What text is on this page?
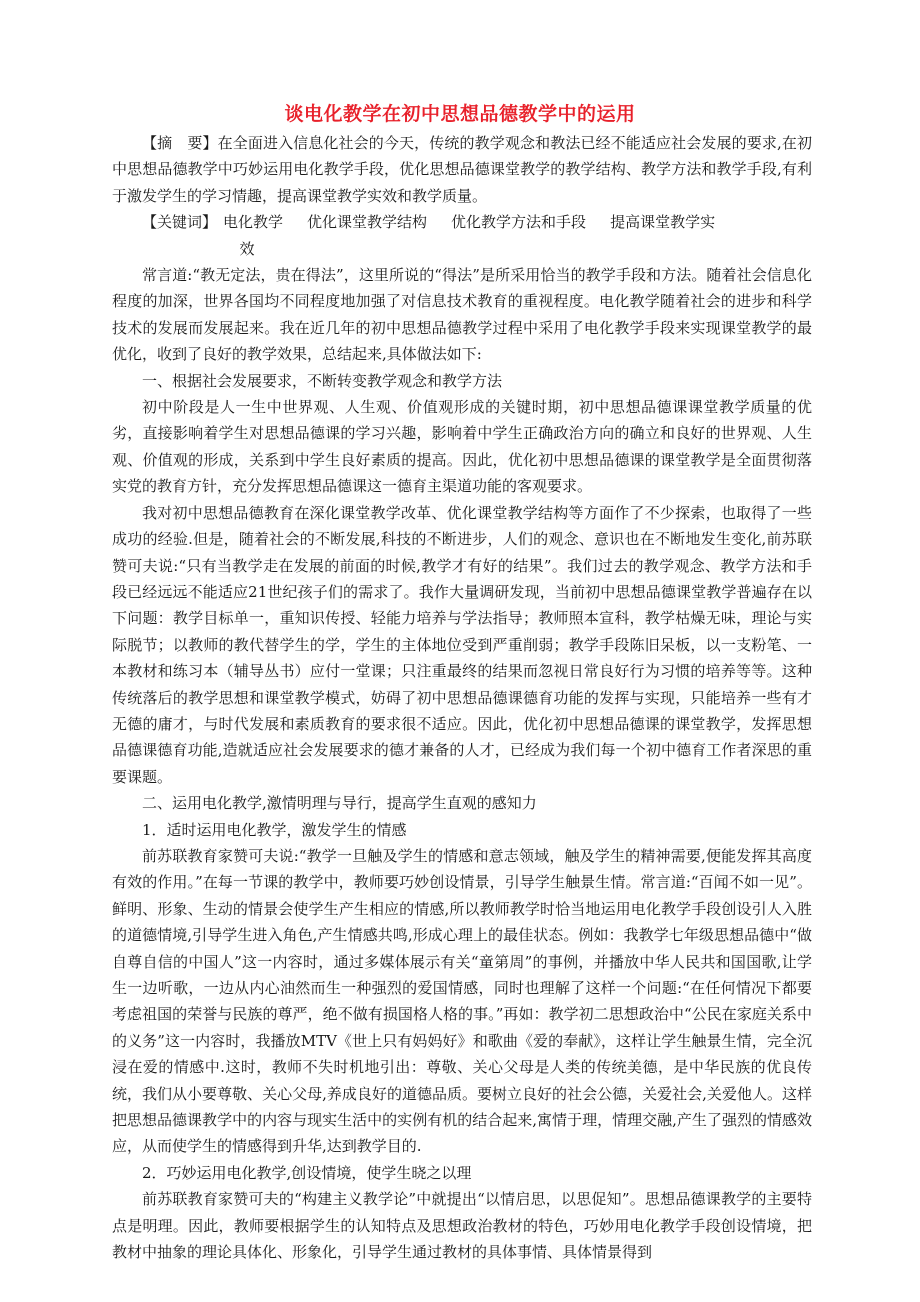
谈电化教学在初中思想品德教学中的运用

【摘　要】在全面进入信息化社会的今天，传统的教学观念和教法已经不能适应社会发展的要求,在初中思想品德教学中巧妙运用电化教学手段，优化思想品德课堂教学的教学结构、教学方法和教学手段,有利于激发学生的学习情趣，提高课堂教学实效和教学质量。

【关键词】 电化教学 优化课堂教学结构 优化教学方法和手段 提高课堂教学实
效

常言道:“教无定法，贵在得法”，这里所说的“得法”是所采用恰当的教学手段和方法。随着社会信息化程度的加深，世界各国均不同程度地加强了对信息技术教育的重视程度。电化教学随着社会的进步和科学技术的发展而发展起来。我在近几年的初中思想品德教学过程中采用了电化教学手段来实现课堂教学的最优化，收到了良好的教学效果，总结起来,具体做法如下:

一、根据社会发展要求，不断转变教学观念和教学方法

初中阶段是人一生中世界观、人生观、价值观形成的关键时期，初中思想品德课课堂教学质量的优劣，直接影响着学生对思想品德课的学习兴趣，影响着中学生正确政治方向的确立和良好的世界观、人生观、价值观的形成，关系到中学生良好素质的提高。因此，优化初中思想品德课的课堂教学是全面贯彻落实党的教育方针，充分发挥思想品德课这一德育主渠道功能的客观要求。

我对初中思想品德教育在深化课堂教学改革、优化课堂教学结构等方面作了不少探索，也取得了一些成功的经验.但是，随着社会的不断发展,科技的不断进步，人们的观念、意识也在不断地发生变化,前苏联赞可夫说:“只有当教学走在发展的前面的时候,教学才有好的结果”。我们过去的教学观念、教学方法和手段已经远远不能适应21世纪孩子们的需求了。我作大量调研发现，当前初中思想品德课堂教学普遍存在以下问题：教学目标单一，重知识传授、轻能力培养与学法指导；教师照本宣科，教学枯燥无味，理论与实际脱节；以教师的教代替学生的学，学生的主体地位受到严重削弱；教学手段陈旧呆板，以一支粉笔、一本教材和练习本（辅导丛书）应付一堂课；只注重最终的结果而忽视日常良好行为习惯的培养等等。这种传统落后的教学思想和课堂教学模式，妨碍了初中思想品德课德育功能的发挥与实现，只能培养一些有才无德的庸才，与时代发展和素质教育的要求很不适应。因此，优化初中思想品德课的课堂教学，发挥思想品德课德育功能,造就适应社会发展要求的德才兼备的人才，已经成为我们每一个初中德育工作者深思的重要课题。

二、运用电化教学,激情明理与导行，提高学生直观的感知力

1．适时运用电化教学，激发学生的情感

前苏联教育家赞可夫说:“教学一旦触及学生的情感和意志领域，触及学生的精神需要,便能发挥其高度有效的作用。”在每一节课的教学中，教师要巧妙创设情景，引导学生触景生情。常言道:“百闻不如一见”。鲜明、形象、生动的情景会使学生产生相应的情感,所以教师教学时恰当地运用电化教学手段创设引人入胜的道德情境,引导学生进入角色,产生情感共鸣,形成心理上的最佳状态。例如：我教学七年级思想品德中“做自尊自信的中国人”这一内容时，通过多媒体展示有关“童第周”的事例，并播放中华人民共和国国歌,让学生一边听歌，一边从内心油然而生一种强烈的爱国情感，同时也理解了这样一个问题:“在任何情况下都要考虑祖国的荣誉与民族的尊严，绝不做有损国格人格的事。”再如：教学初二思想政治中“公民在家庭关系中的义务”这一内容时，我播放MTV《世上只有妈妈好》和歌曲《爱的奉献》，这样让学生触景生情，完全沉浸在爱的情感中.这时，教师不失时机地引出：尊敬、关心父母是人类的传统美德，是中华民族的优良传统，我们从小要尊敬、关心父母,养成良好的道德品质。要树立良好的社会公德，关爱社会,关爱他人。这样把思想品德课教学中的内容与现实生活中的实例有机的结合起来,寓情于理，情理交融,产生了强烈的情感效应，从而使学生的情感得到升华,达到教学目的.

2．巧妙运用电化教学,创设情境，使学生晓之以理

前苏联教育家赞可夫的“构建主义教学论”中就提出“以情启思，以思促知”。思想品德课教学的主要特点是明理。因此，教师要根据学生的认知特点及思想政治教材的特色，巧妙用电化教学手段创设情境，把教材中抽象的理论具体化、形象化，引导学生通过教材的具体事情、具体情景得到
